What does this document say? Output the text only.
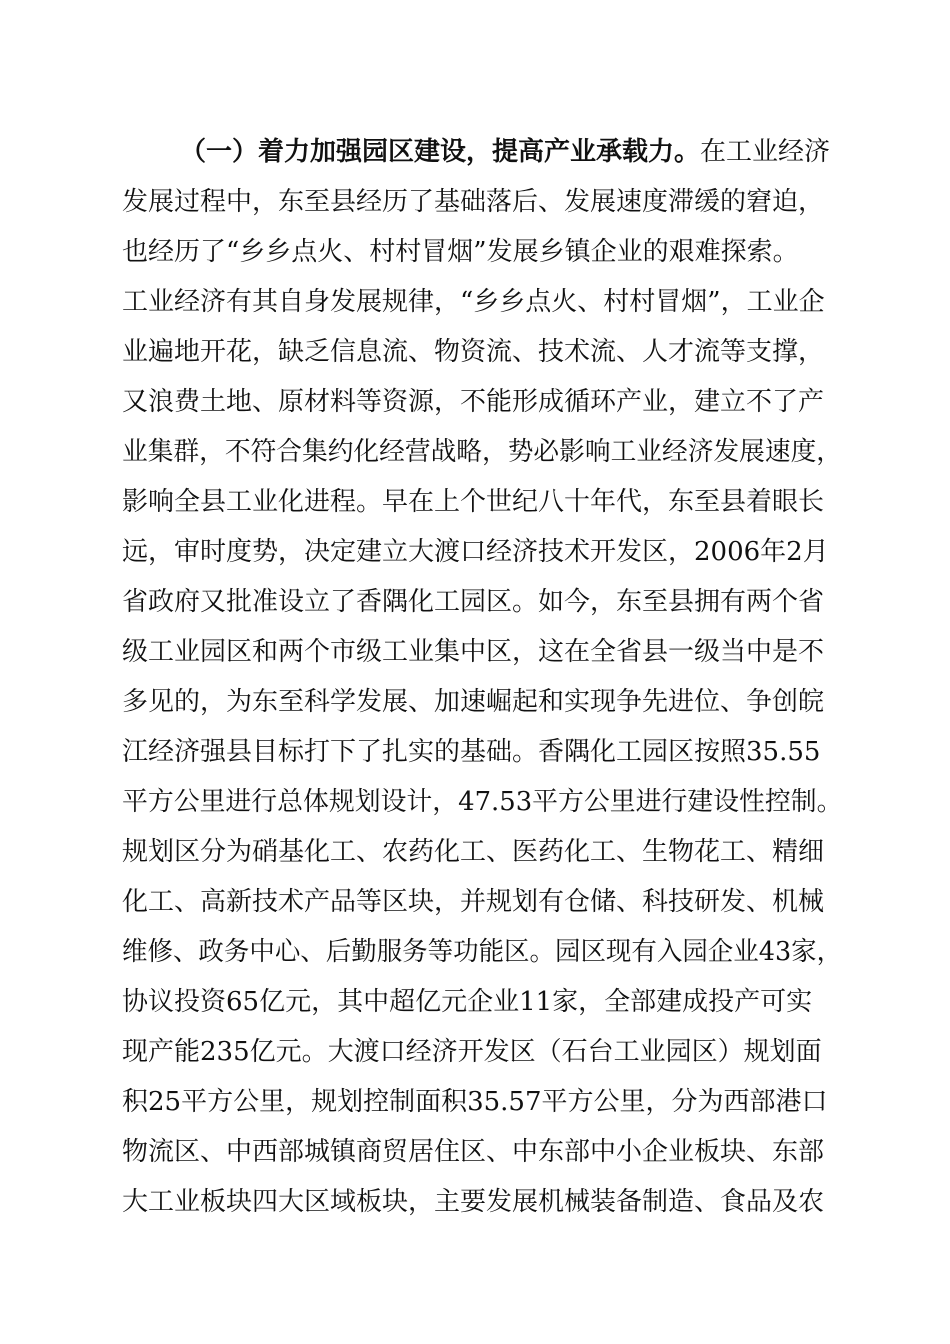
（一）着力加强园区建设，提高产业承载力。在工业经济
发展过程中，东至县经历了基础落后、发展速度滞缓的窘迫，
也经历了“乡乡点火、村村冒烟”发展乡镇企业的艰难探索。
工业经济有其自身发展规律，“乡乡点火、村村冒烟”，工业企
业遍地开花，缺乏信息流、物资流、技术流、人才流等支撑，
又浪费土地、原材料等资源，不能形成循环产业，建立不了产
业集群，不符合集约化经营战略，势必影响工业经济发展速度，
影响全县工业化进程。早在上个世纪八十年代，东至县着眼长
远，审时度势，决定建立大渡口经济技术开发区，2006年2月
省政府又批准设立了香隅化工园区。如今，东至县拥有两个省
级工业园区和两个市级工业集中区，这在全省县一级当中是不
多见的，为东至科学发展、加速崛起和实现争先进位、争创皖
江经济强县目标打下了扎实的基础。香隅化工园区按照35.55
平方公里进行总体规划设计，47.53平方公里进行建设性控制。
规划区分为硝基化工、农药化工、医药化工、生物花工、精细
化工、高新技术产品等区块，并规划有仓储、科技研发、机械
维修、政务中心、后勤服务等功能区。园区现有入园企业43家，
协议投资65亿元，其中超亿元企业11家，全部建成投产可实
现产能235亿元。大渡口经济开发区（石台工业园区）规划面
积25平方公里，规划控制面积35.57平方公里，分为西部港口
物流区、中西部城镇商贸居住区、中东部中小企业板块、东部
大工业板块四大区域板块，主要发展机械装备制造、食品及农
